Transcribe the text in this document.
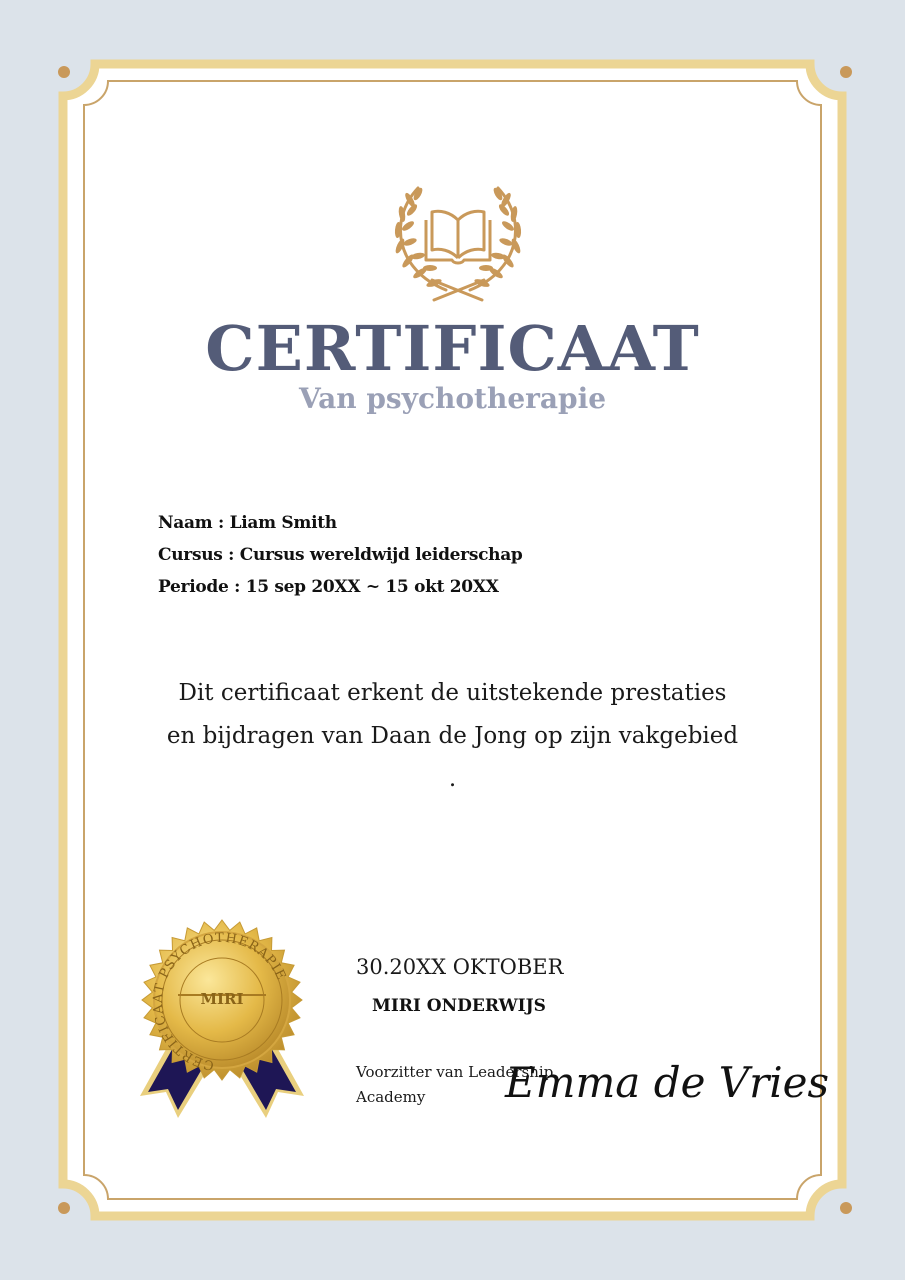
CERTIFICAAT
Van psychotherapie
Naam : Liam Smith
Cursus : Cursus wereldwijd leiderschap
Periode : 15 sep 20XX ~ 15 okt 20XX
Dit certificaat erkent de uitstekende prestaties
en bijdragen van Daan de Jong op zijn vakgebied
.
CERTIFICAAT PSYCHOTHERAPIE
MIRI
30.20XX OKTOBER
MIRI ONDERWIJS
Voorzitter van Leadership Academy	Emma de Vries
